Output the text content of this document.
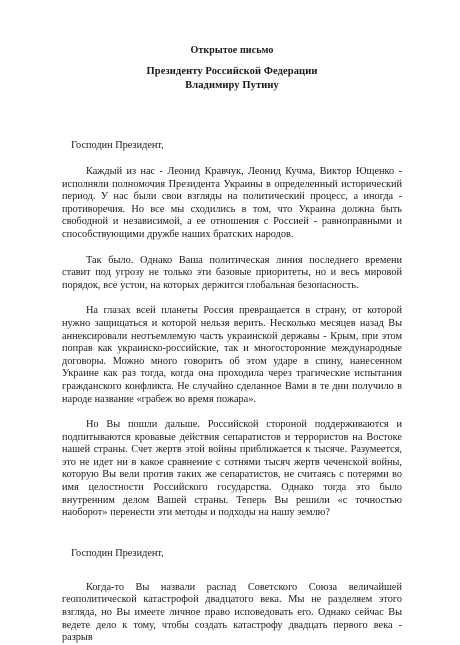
Открытое письмо
Президенту Российской Федерации
Владимиру Путину

Господин Президент,

Каждый из нас - Леонид Кравчук, Леонид Кучма, Виктор Ющенко - исполняли полномочия Президента Украины в определенный исторический период. У нас были свои взгляды на политический процесс, а иногда - противоречия. Но все мы сходились в том, что Украина должна быть свободной и независимой, а ее отношения с Россией - равноправными и способствующими дружбе наших братских народов.

Так было. Однако Ваша политическая линия последнего времени ставит под угрозу не только эти базовые приоритеты, но и весь мировой порядок, все устои, на которых держится глобальная безопасность.

На глазах всей планеты Россия превращается в страну, от которой нужно защищаться и которой нельзя верить. Несколько месяцев назад Вы аннексировали неотъемлемую часть украинской державы - Крым, при этом поправ как украинско-российские, так и многосторонние международные договоры. Можно много говорить об этом ударе в спину, нанесенном Украине как раз тогда, когда она проходила через трагические испытания гражданского конфликта. Не случайно сделанное Вами в те дни получило в народе название «грабеж во время пожара».

Но Вы пошли дальше. Российской стороной поддерживаются и подпитываются кровавые действия сепаратистов и террористов на Востоке нашей страны. Счет жертв этой войны приближается к тысяче. Разумеется, это не идет ни в какое сравнение с сотнями тысяч жертв чеченской войны, которую Вы вели против таких же сепаратистов, не считаясь с потерями во имя целостности Российского государства. Однако тогда это было внутренним делом Вашей страны. Теперь Вы решили «с точностью наоборот» перенести эти методы и подходы на нашу землю?

Господин Президент,

Когда-то Вы назвали распад Советского Союза величайшей геополитической катастрофой двадцатого века. Мы не разделяем этого взгляда, но Вы имеете личное право исповедовать его. Однако сейчас Вы ведете дело к тому, чтобы создать катастрофу двадцать первого века - разрыв
